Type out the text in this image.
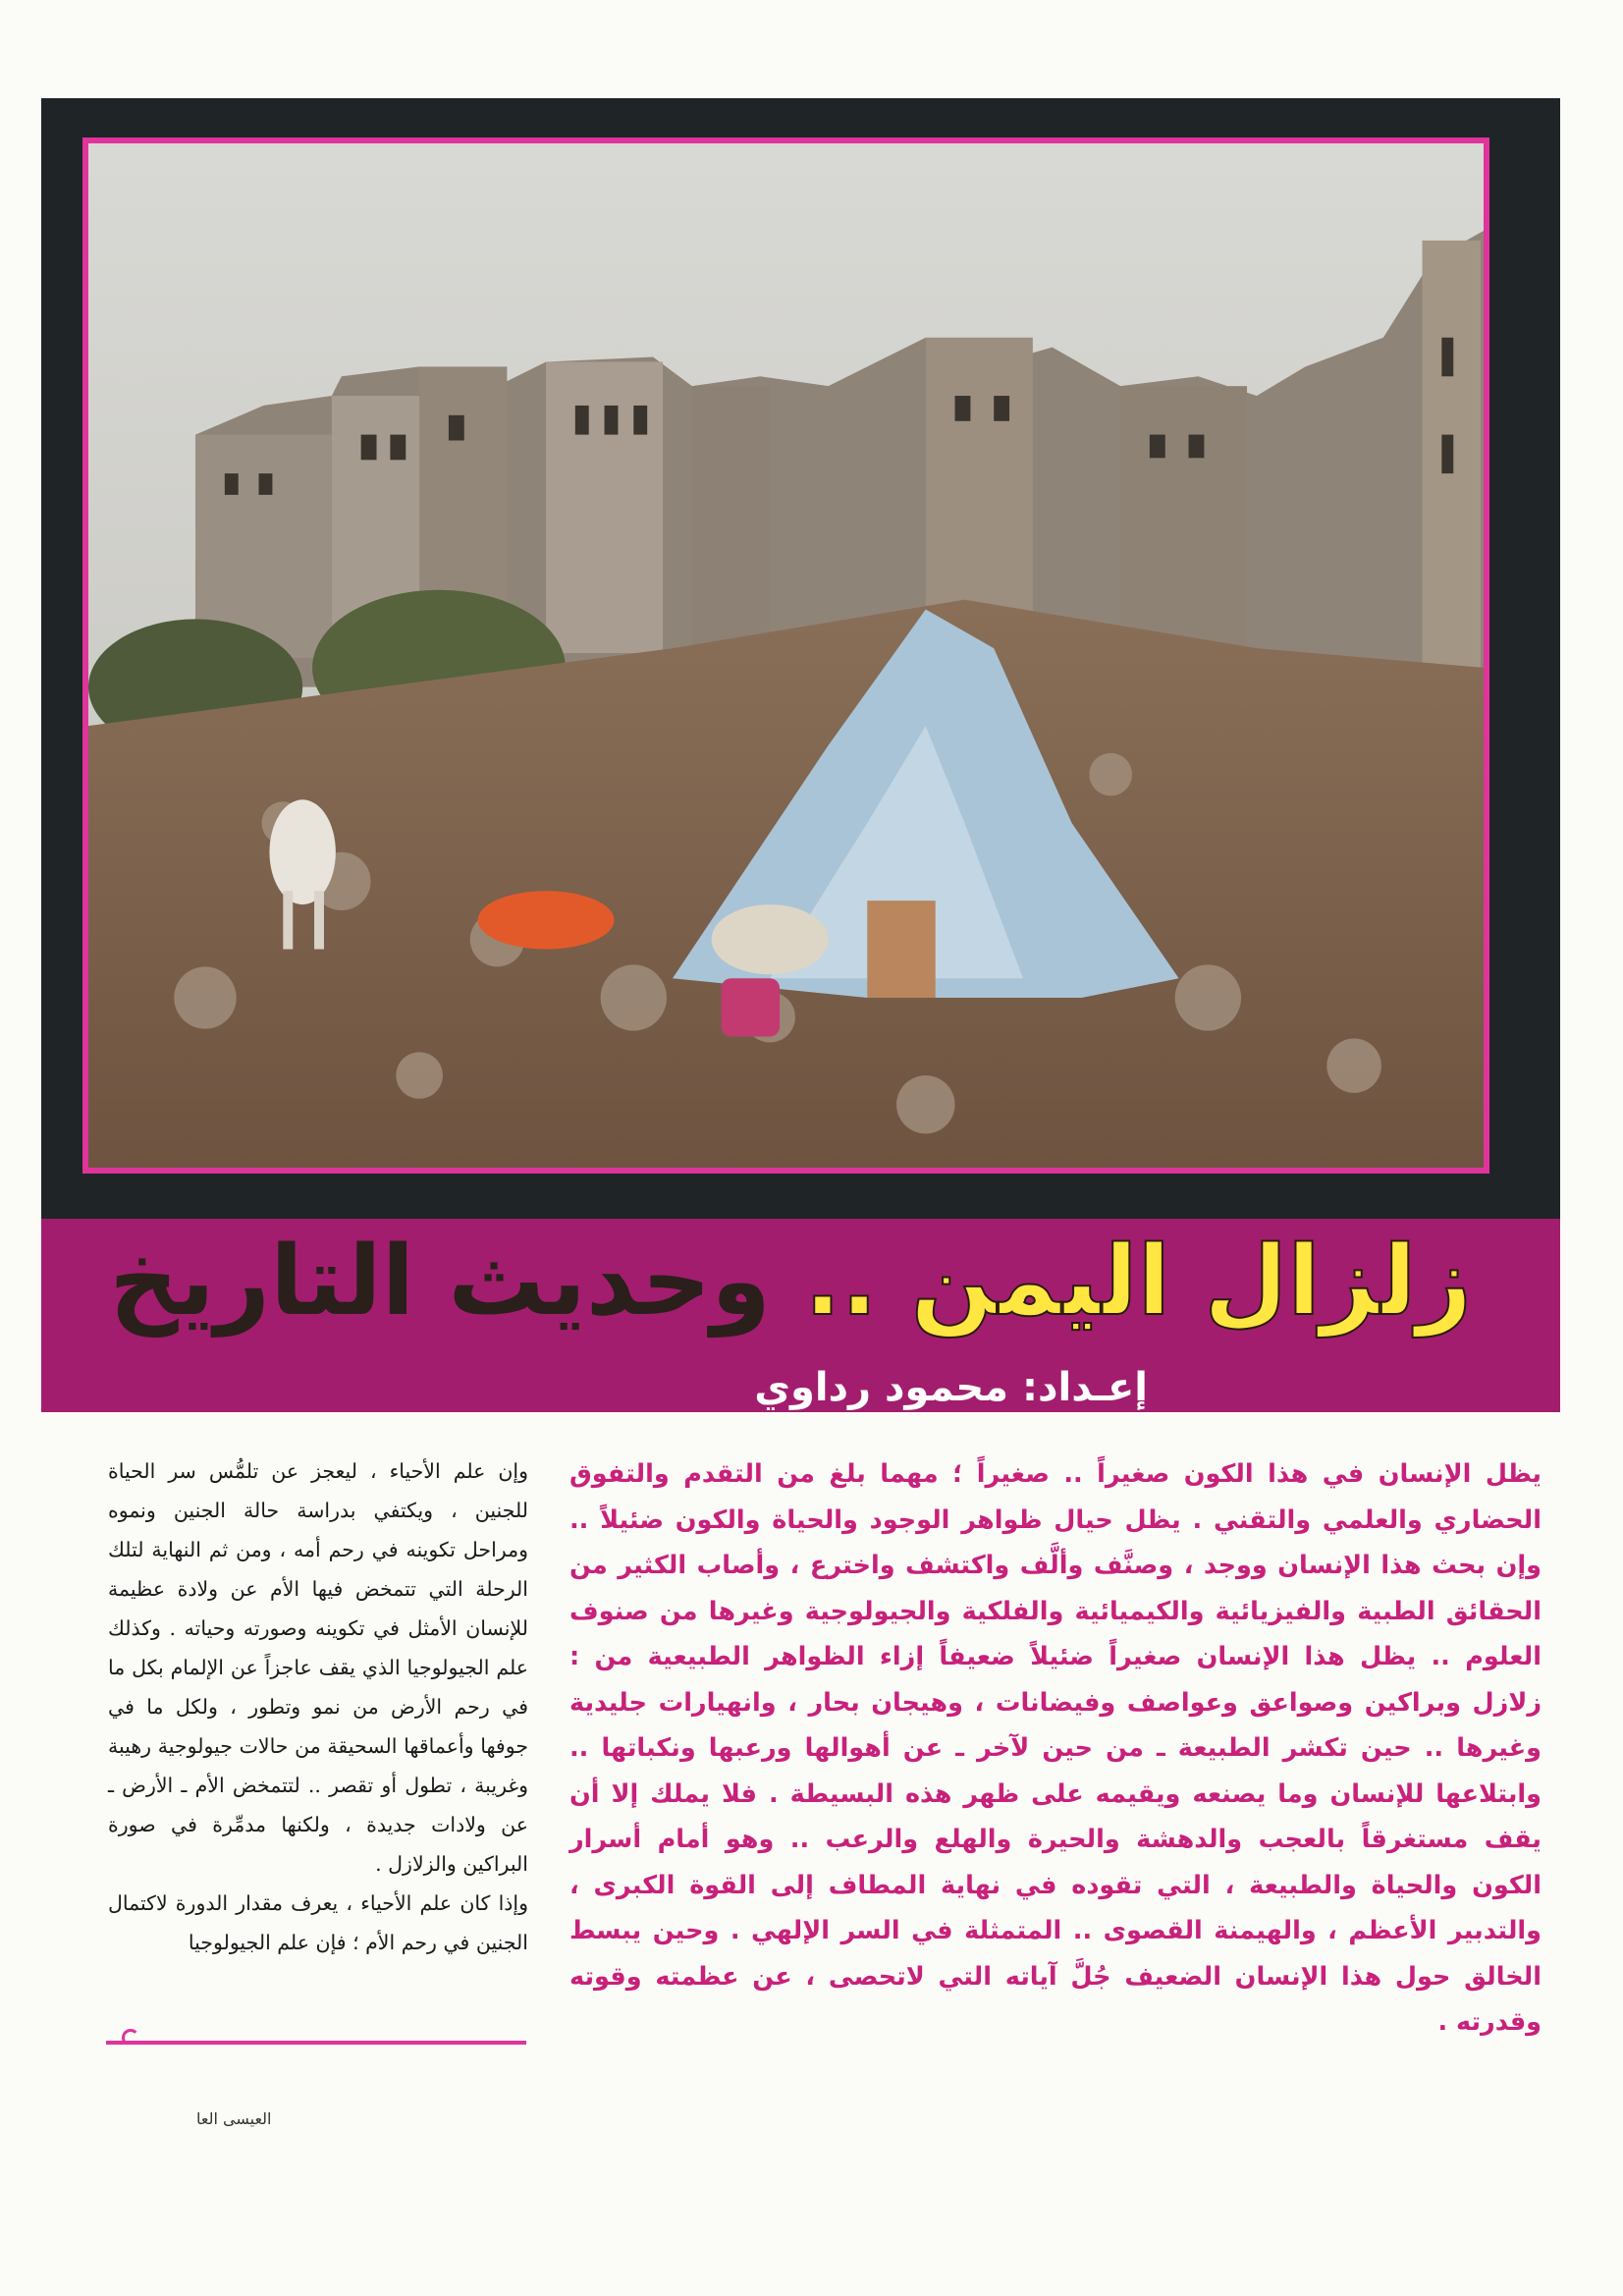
زلزال اليمن .. وحديث التاريخ
إعـداد: محمود رداوي
يظل الإنسان في هذا الكون صغيراً .. صغيراً ؛ مهما بلغ من التقدم والتفوق الحضاري والعلمي والتقني . يظل حيال ظواهر الوجود والحياة والكون ضئيلاً .. وإن بحث هذا الإنسان ووجد ، وصنَّف وألَّف واكتشف واخترع ، وأصاب الكثير من الحقائق الطبية والفيزيائية والكيميائية والفلكية والجيولوجية وغيرها من صنوف العلوم .. يظل هذا الإنسان صغيراً ضئيلاً ضعيفاً إزاء الظواهر الطبيعية من : زلازل وبراكين وصواعق وعواصف وفيضانات ، وهيجان بحار ، وانهيارات جليدية وغيرها .. حين تكشر الطبيعة ـ من حين لآخر ـ عن أهوالها ورعبها ونكباتها .. وابتلاعها للإنسان وما يصنعه ويقيمه على ظهر هذه البسيطة . فلا يملك إلا أن يقف مستغرقاً بالعجب والدهشة والحيرة والهلع والرعب .. وهو أمام أسرار الكون والحياة والطبيعة ، التي تقوده في نهاية المطاف إلى القوة الكبرى ، والتدبير الأعظم ، والهيمنة القصوى .. المتمثلة في السر الإلهي . وحين يبسط الخالق حول هذا الإنسان الضعيف جُلَّ آياته التي لاتحصى ، عن عظمته وقوته وقدرته .

وإن علم الأحياء ، ليعجز عن تلمُّس سر الحياة للجنين ، ويكتفي بدراسة حالة الجنين ونموه ومراحل تكوينه في رحم أمه ، ومن ثم النهاية لتلك الرحلة التي تتمخض فيها الأم عن ولادة عظيمة للإنسان الأمثل في تكوينه وصورته وحياته . وكذلك علم الجيولوجيا الذي يقف عاجزاً عن الإلمام بكل ما في رحم الأرض من نمو وتطور ، ولكل ما في جوفها وأعماقها السحيقة من حالات جيولوجية رهيبة وغريبة ، تطول أو تقصر .. لتتمخض الأم ـ الأرض ـ عن ولادات جديدة ، ولكنها مدمِّرة في صورة البراكين والزلازل .

وإذا كان علم الأحياء ، يعرف مقدار الدورة لاكتمال الجنين في رحم الأم ؛ فإن علم الجيولوجيا

العيسى العا
